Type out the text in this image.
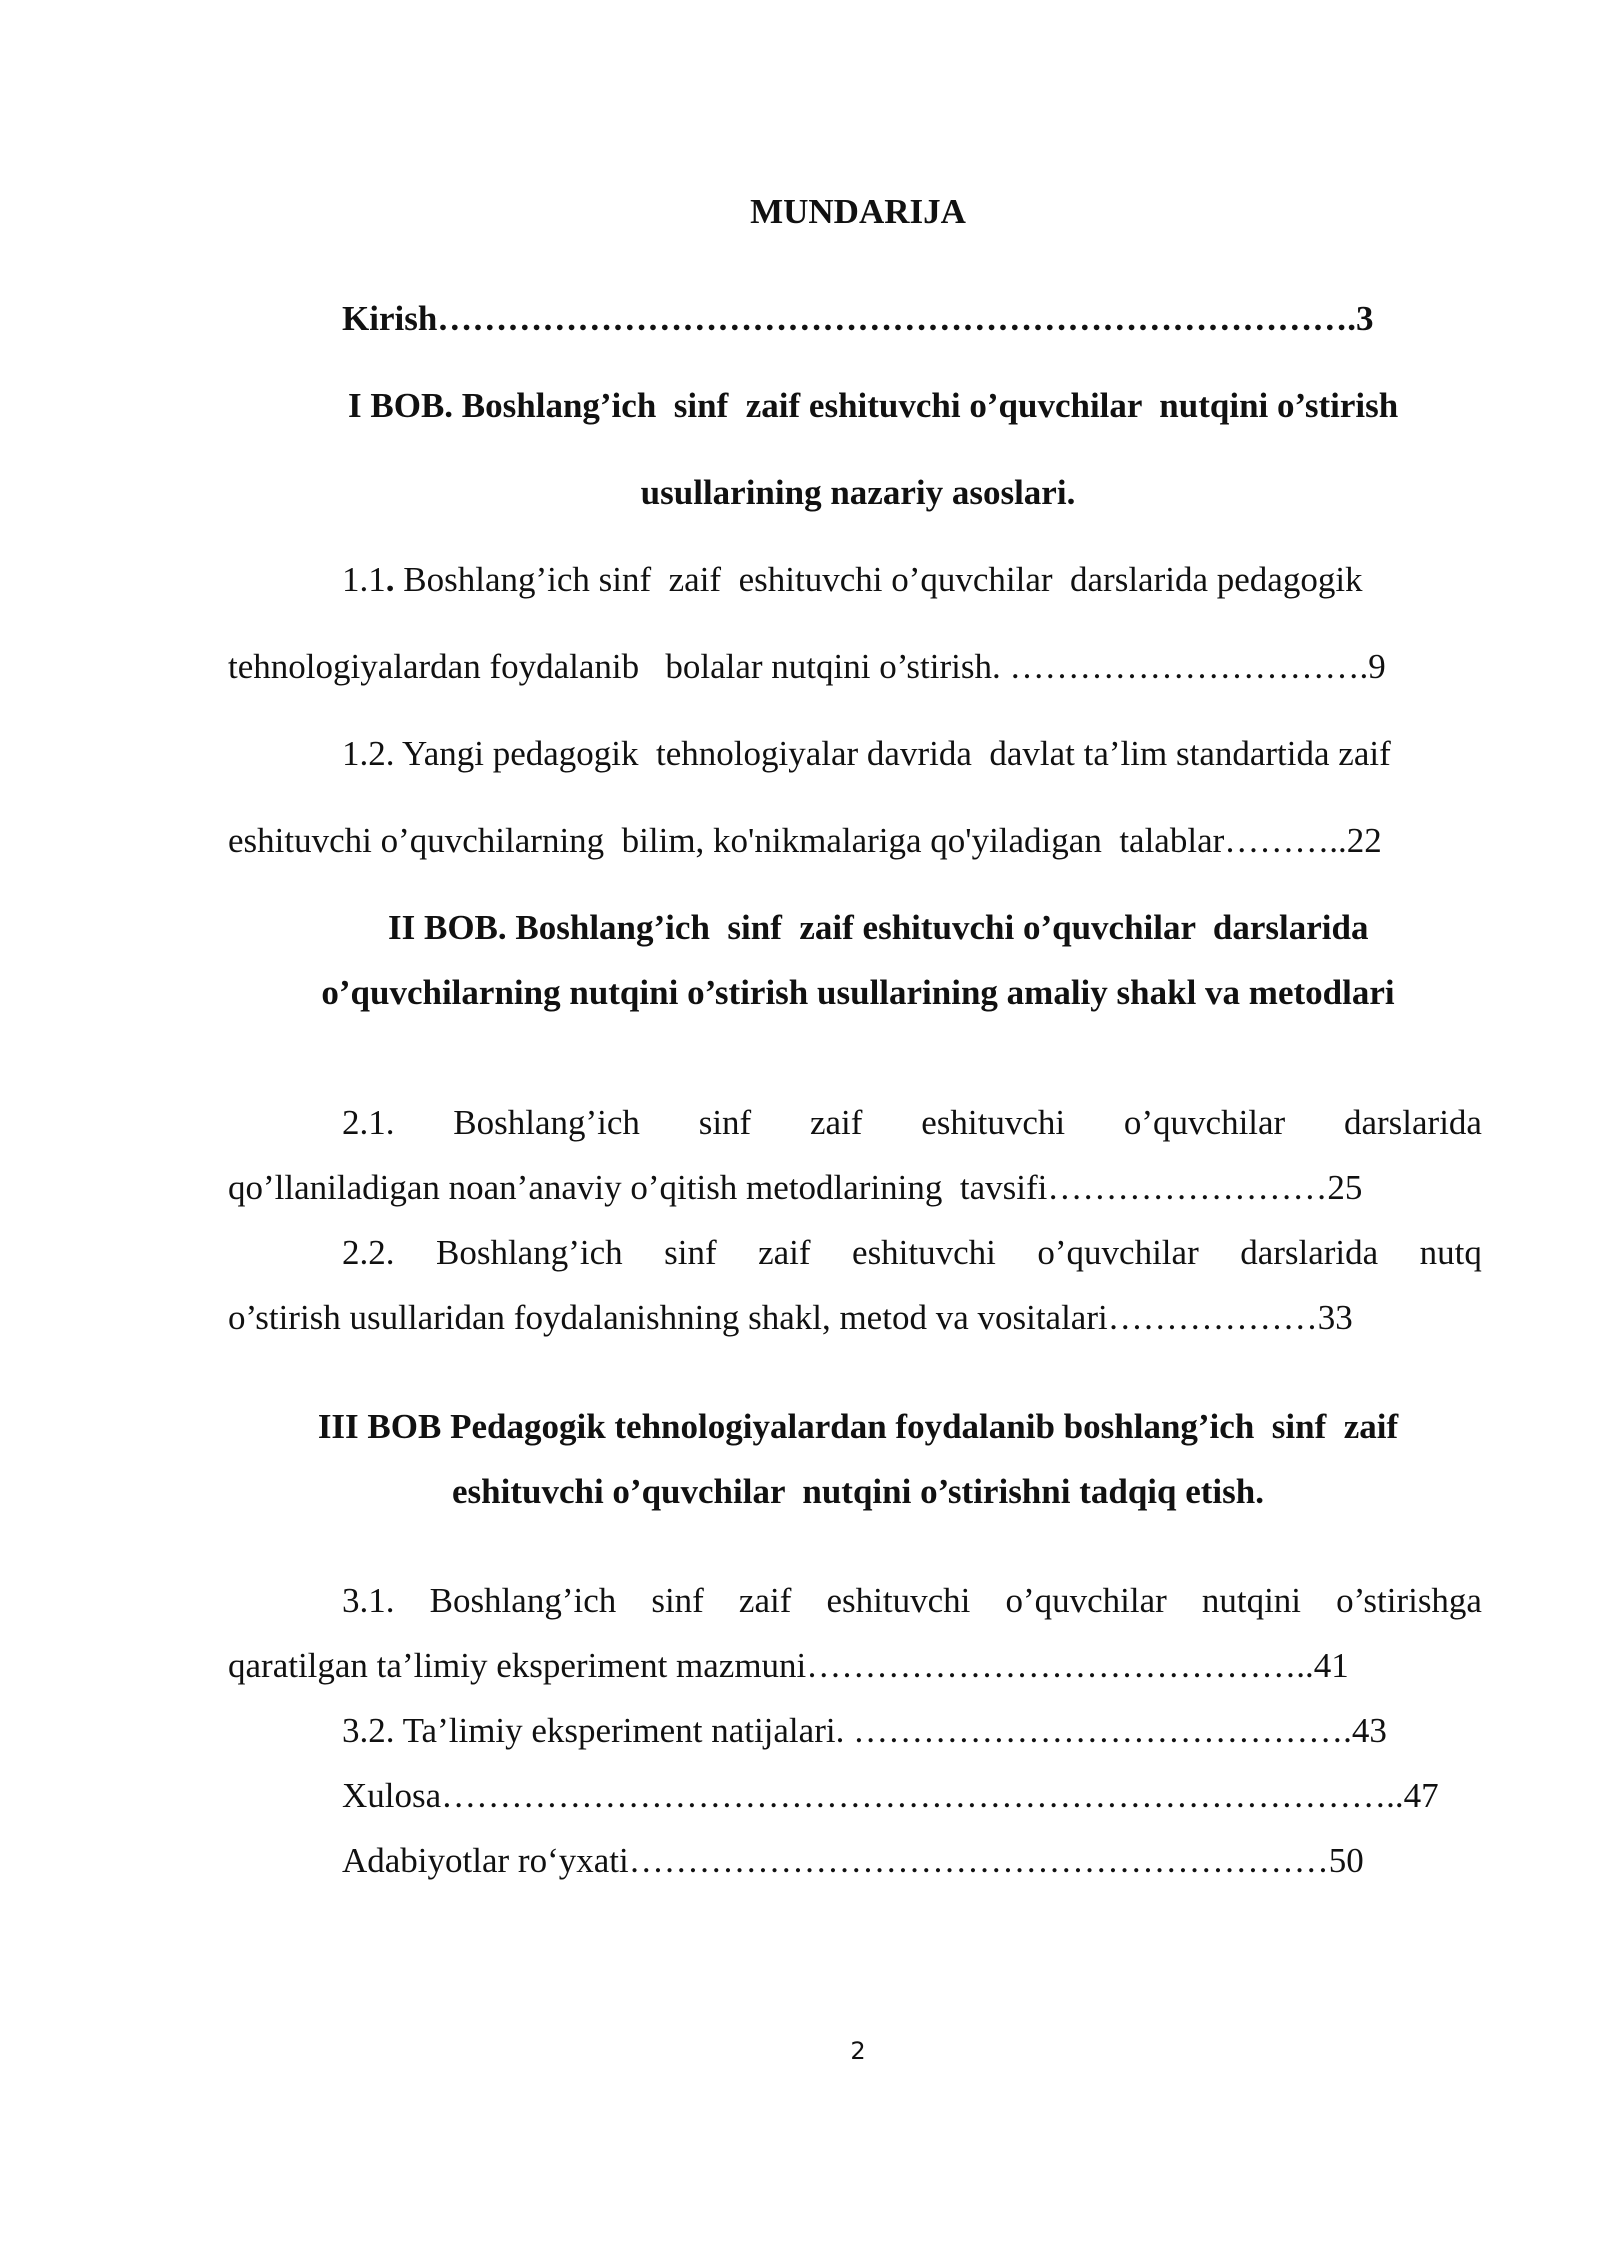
MUNDARIJA
Kirish…………………………………………………………………….3
I BOB. Boshlang’ich  sinf  zaif eshituvchi o’quvchilar  nutqini o’stirish
usullarining nazariy asoslari.
1.1. Boshlang’ich sinf  zaif  eshituvchi o’quvchilar  darslarida pedagogik
tehnologiyalardan foydalanib   bolalar nutqini o’stirish. ………………………….9
1.2. Yangi pedagogik  tehnologiyalar davrida  davlat ta’lim standartida zaif
eshituvchi o’quvchilarning  bilim, ko'nikmalariga qo'yiladigan  talablar………..22
II BOB. Boshlang’ich  sinf  zaif eshituvchi o’quvchilar  darslarida
o’quvchilarning nutqini o’stirish usullarining amaliy shakl va metodlari
2.1. Boshlang’ich sinf zaif eshituvchi o’quvchilar darslarida
qo’llaniladigan noan’anaviy o’qitish metodlarining  tavsifi……………………25
2.2. Boshlang’ich sinf zaif eshituvchi o’quvchilar darslarida nutq
o’stirish usullaridan foydalanishning shakl, metod va vositalari………………33
III BOB Pedagogik tehnologiyalardan foydalanib boshlang’ich  sinf  zaif
eshituvchi o’quvchilar  nutqini o’stirishni tadqiq etish.
3.1. Boshlang’ich sinf zaif eshituvchi o’quvchilar nutqini o’stirishga
qaratilgan ta’limiy eksperiment mazmuni……………………………………..41
3.2. Ta’limiy eksperiment natijalari. …………………………………….43
Xulosa………………………………………………………………………..47
Adabiyotlar ro‘yxati……………………………………………………50
2
